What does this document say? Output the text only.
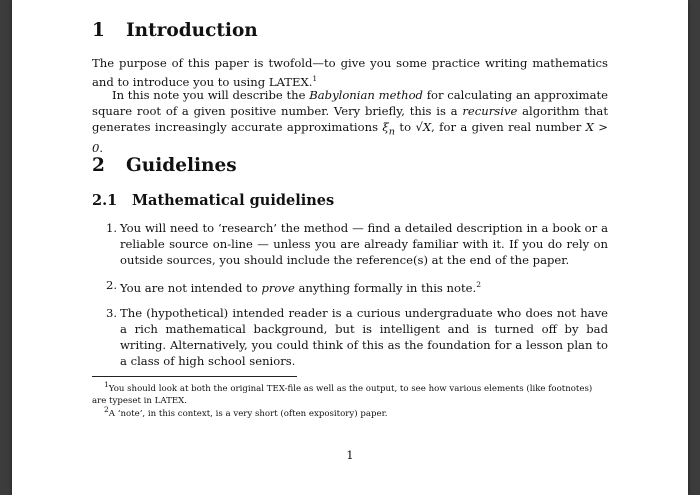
1 Introduction

The purpose of this paper is twofold—to give you some practice writing mathematics and to introduce you to using LATEX.$^1$

In this note you will describe the Babylonian method for calculating an approximate square root of a given positive number. Very briefly, this is a recursive algorithm that generates increasingly accurate approximations $\xi_n$ to √X, for a given real number X > 0.

2 Guidelines
2.1 Mathematical guidelines
1. You will need to ‘research’ the method — find a detailed description in a book or a reliable source on-line — unless you are already familiar with it. If you do rely on outside sources, you should include the reference(s) at the end of the paper.
2. You are not intended to prove anything formally in this note.$^2$
3. The (hypothetical) intended reader is a curious undergraduate who does not have a rich mathematical background, but is intelligent and is turned off by bad writing. Alternatively, you could think of this as the foundation for a lesson plan to a class of high school seniors.

$^1$You should look at both the original TEX-file as well as the output, to see how various elements (like footnotes) are typeset in LATEX.

$^2$A ‘note’, in this context, is a very short (often expository) paper.

1
